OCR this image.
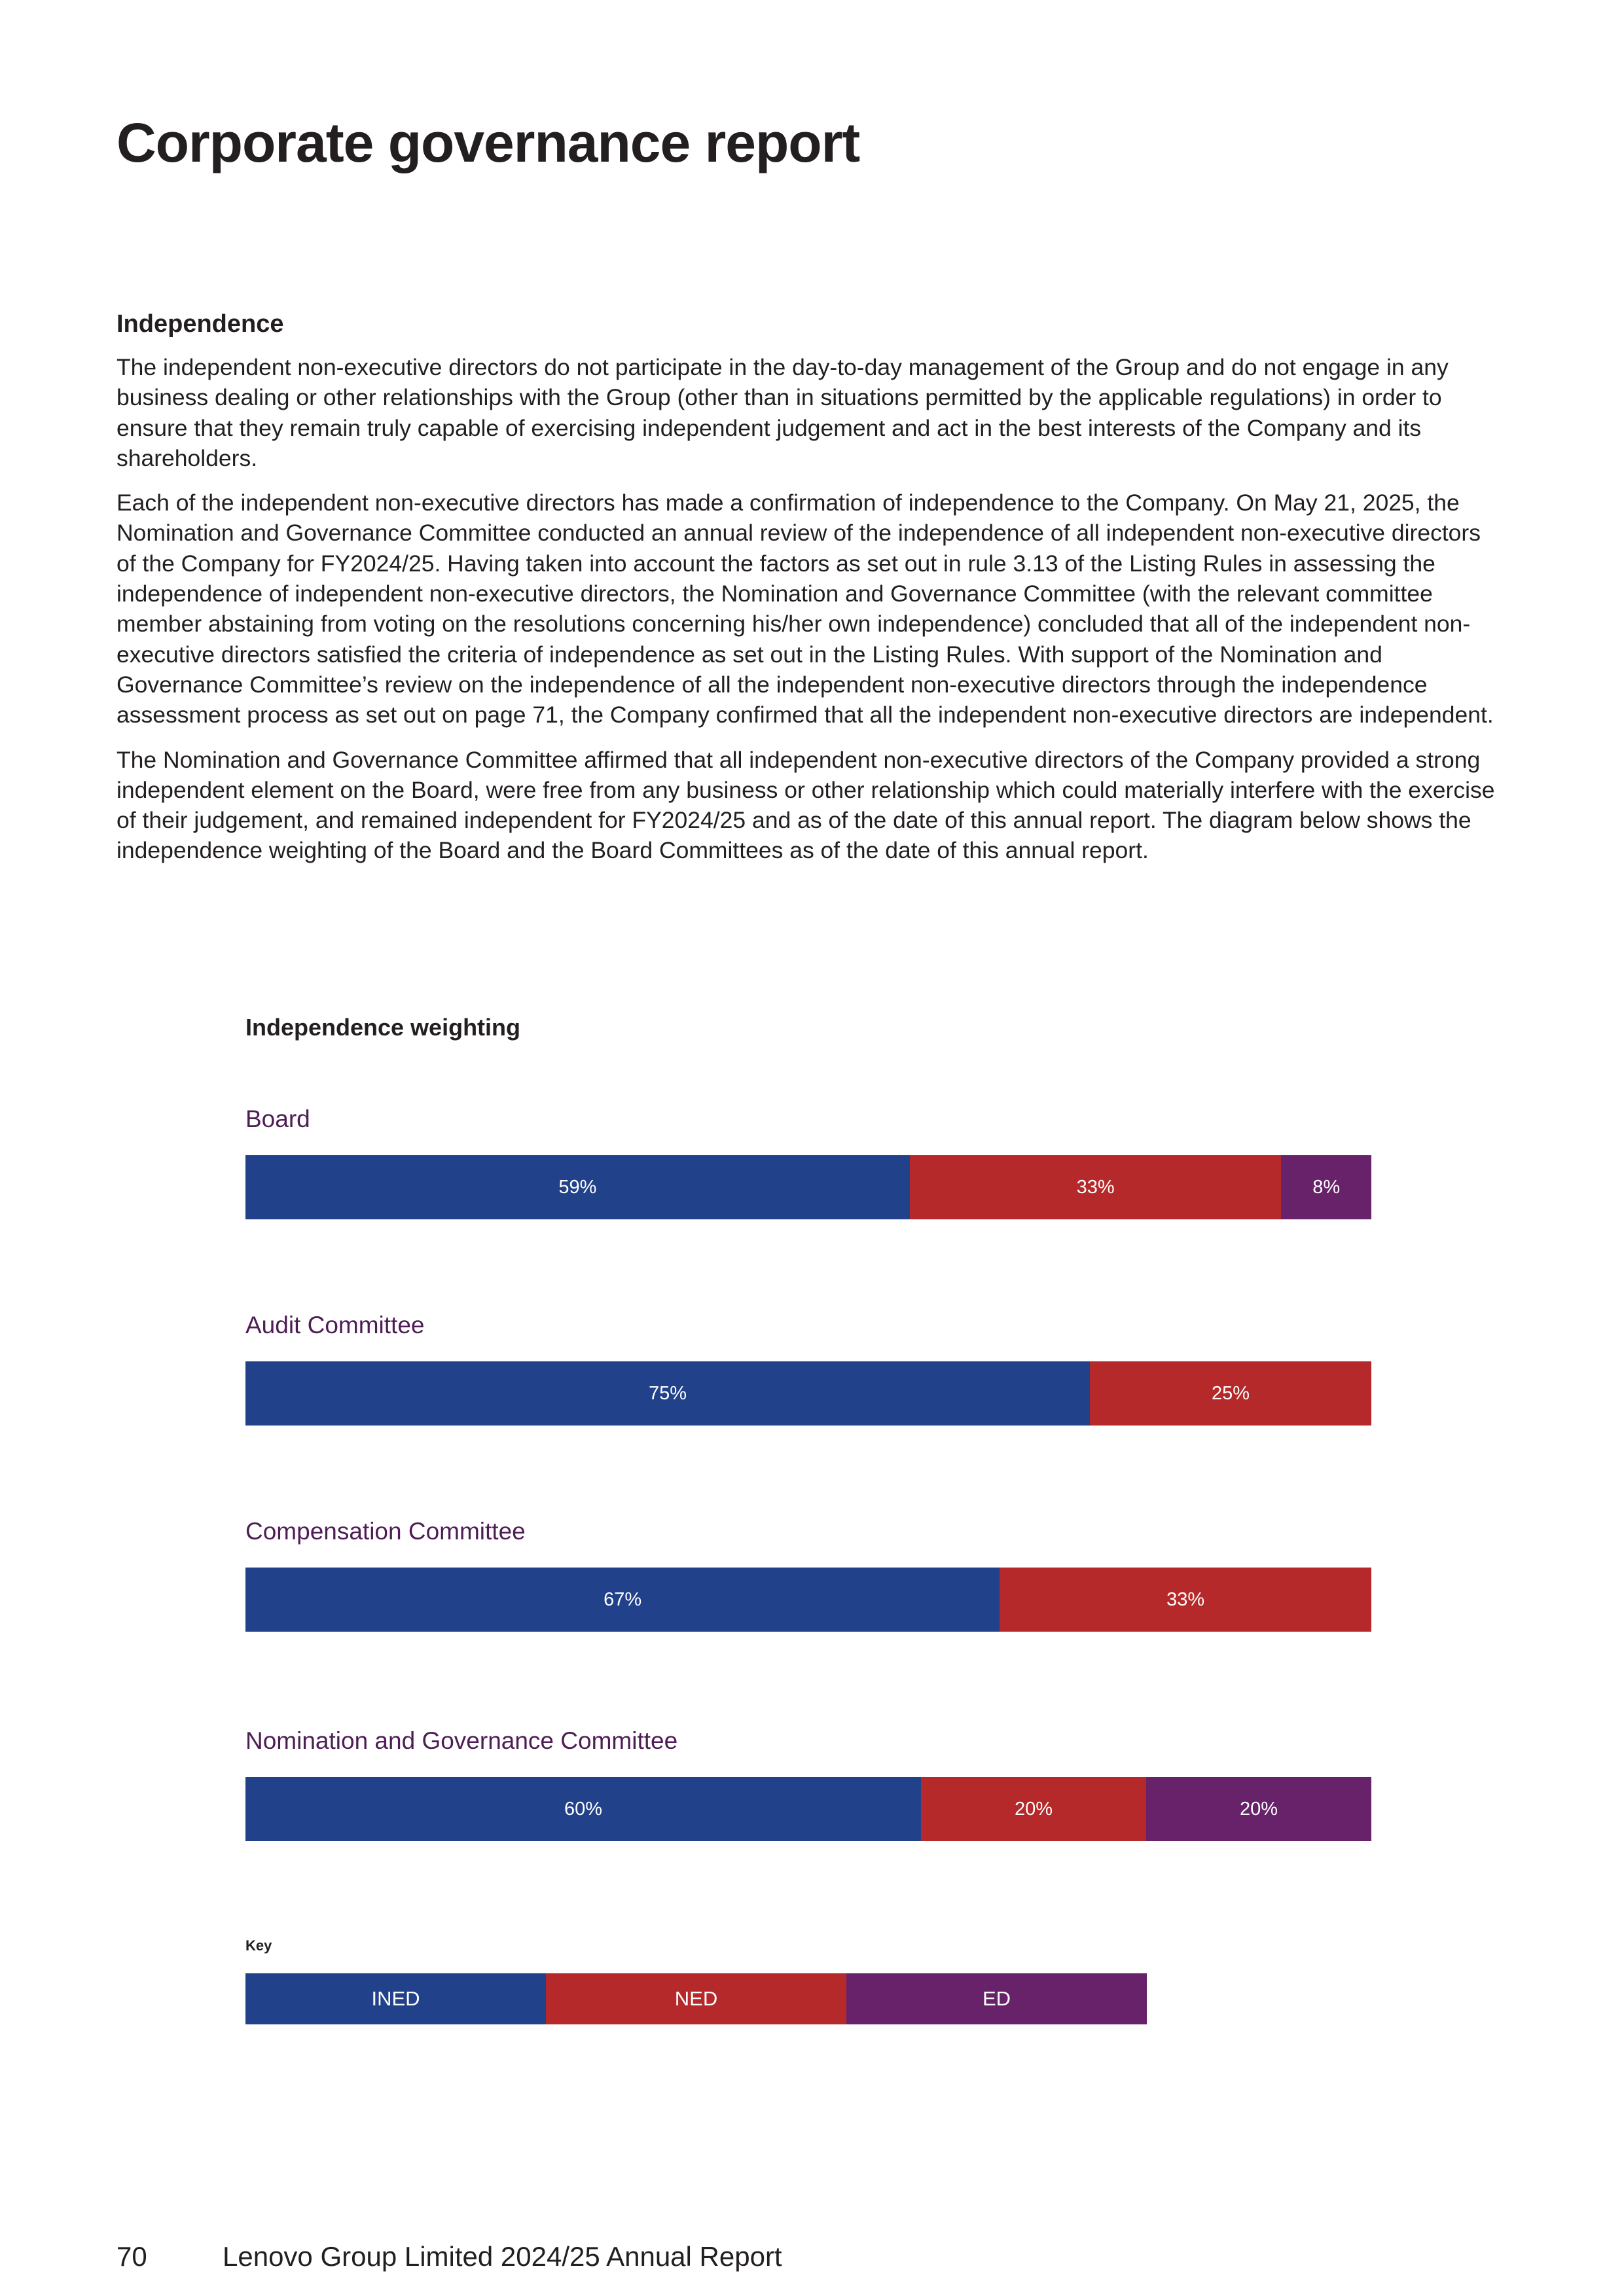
Corporate governance report
Independence

The independent non-executive directors do not participate in the day-to-day management of the Group and do not engage in any business dealing or other relationships with the Group (other than in situations permitted by the applicable regulations) in order to ensure that they remain truly capable of exercising independent judgement and act in the best interests of the Company and its shareholders.

Each of the independent non-executive directors has made a confirmation of independence to the Company. On May 21, 2025, the Nomination and Governance Committee conducted an annual review of the independence of all independent non-executive directors of the Company for FY2024/25. Having taken into account the factors as set out in rule 3.13 of the Listing Rules in assessing the independence of independent non-executive directors, the Nomination and Governance Committee (with the relevant committee member abstaining from voting on the resolutions concerning his/her own independence) concluded that all of the independent non-executive directors satisfied the criteria of independence as set out in the Listing Rules. With support of the Nomination and Governance Committee’s review on the independence of all the independent non-executive directors through the independence assessment process as set out on page 71, the Company confirmed that all the independent non-executive directors are independent.

The Nomination and Governance Committee affirmed that all independent non-executive directors of the Company provided a strong independent element on the Board, were free from any business or other relationship which could materially interfere with the exercise of their judgement, and remained independent for FY2024/25 and as of the date of this annual report. The diagram below shows the independence weighting of the Board and the Board Committees as of the date of this annual report.

Independence weighting
Board
59%	33%	8%
Audit Committee
75%	25%
Compensation Committee
67%	33%
Nomination and Governance Committee
60%	20%	20%
Key
INED	NED	ED
70	Lenovo Group Limited 2024/25 Annual Report
